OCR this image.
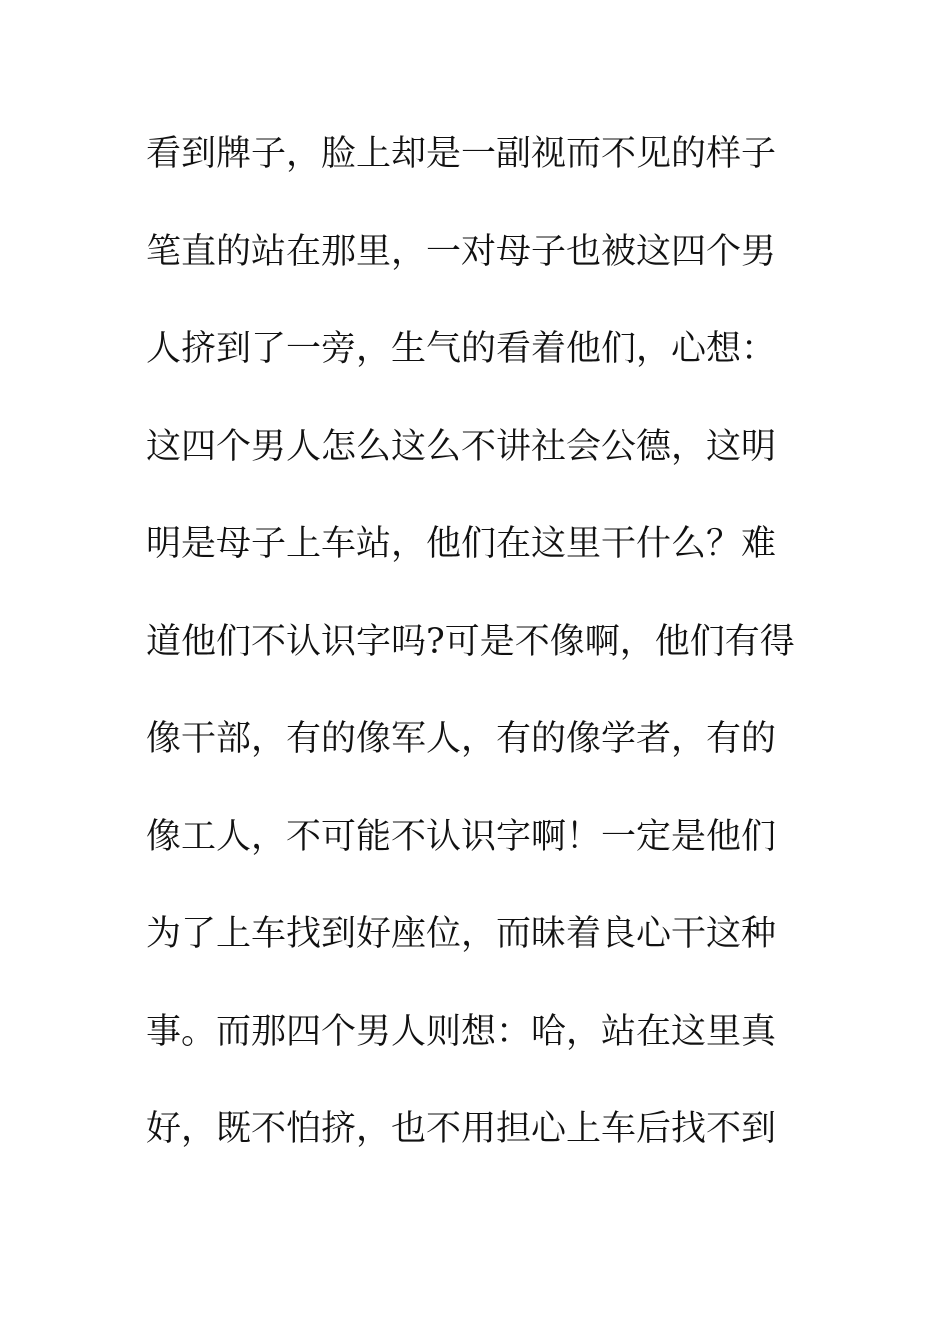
看到牌子，脸上却是一副视而不见的样子
笔直的站在那里，一对母子也被这四个男
人挤到了一旁，生气的看着他们，心想：
这四个男人怎么这么不讲社会公德，这明
明是母子上车站，他们在这里干什么？难
道他们不认识字吗?可是不像啊，他们有得
像干部，有的像军人，有的像学者，有的
像工人，不可能不认识字啊！一定是他们
为了上车找到好座位，而昧着良心干这种
事。而那四个男人则想：哈，站在这里真
好，既不怕挤，也不用担心上车后找不到
